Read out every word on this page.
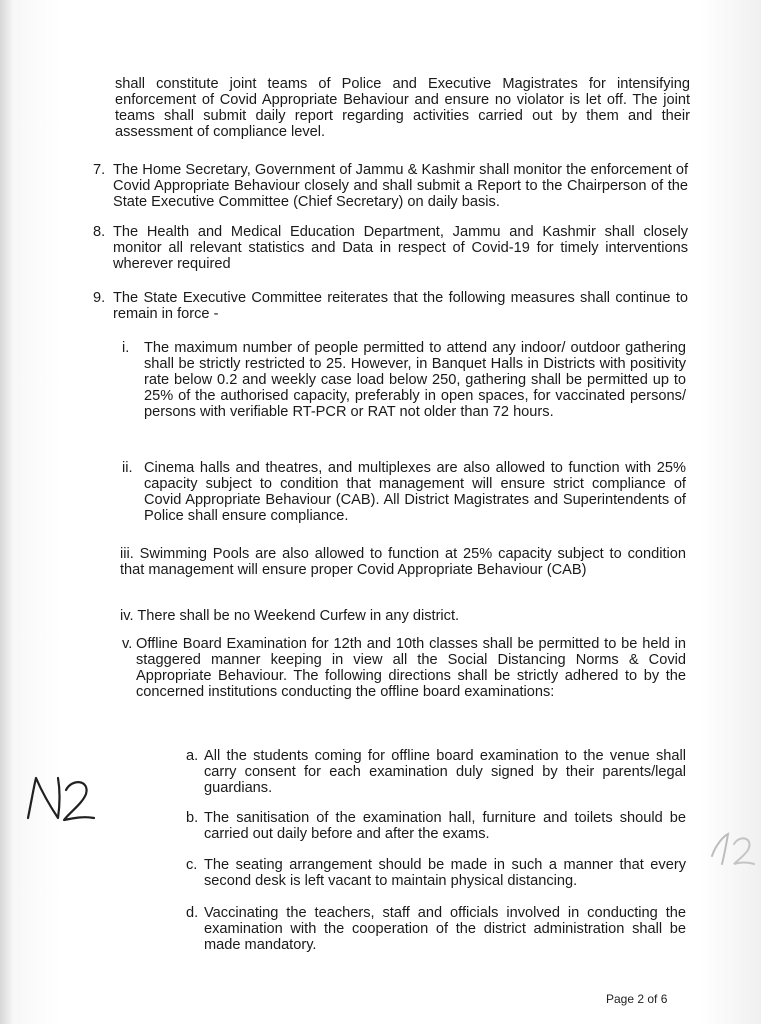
shall constitute joint teams of Police and Executive Magistrates for intensifying enforcement of Covid Appropriate Behaviour and ensure no violator is let off. The joint teams shall submit daily report regarding activities carried out by them and their assessment of compliance level.

7. The Home Secretary, Government of Jammu & Kashmir shall monitor the enforcement of Covid Appropriate Behaviour closely and shall submit a Report to the Chairperson of the State Executive Committee (Chief Secretary) on daily basis.

8. The Health and Medical Education Department, Jammu and Kashmir shall closely monitor all relevant statistics and Data in respect of Covid-19 for timely interventions wherever required

9. The State Executive Committee reiterates that the following measures shall continue to remain in force -

i. The maximum number of people permitted to attend any indoor/ outdoor gathering shall be strictly restricted to 25. However, in Banquet Halls in Districts with positivity rate below 0.2 and weekly case load below 250, gathering shall be permitted up to 25% of the authorised capacity, preferably in open spaces, for vaccinated persons/ persons with verifiable RT-PCR or RAT not older than 72 hours.

ii. Cinema halls and theatres, and multiplexes are also allowed to function with 25% capacity subject to condition that management will ensure strict compliance of Covid Appropriate Behaviour (CAB). All District Magistrates and Superintendents of Police shall ensure compliance.

iii. Swimming Pools are also allowed to function at 25% capacity subject to condition that management will ensure proper Covid Appropriate Behaviour (CAB)

iv. There shall be no Weekend Curfew in any district.

v. Offline Board Examination for 12th and 10th classes shall be permitted to be held in staggered manner keeping in view all the Social Distancing Norms & Covid Appropriate Behaviour. The following directions shall be strictly adhered to by the concerned institutions conducting the offline board examinations:

a. All the students coming for offline board examination to the venue shall carry consent for each examination duly signed by their parents/legal guardians.

b. The sanitisation of the examination hall, furniture and toilets should be carried out daily before and after the exams.

c. The seating arrangement should be made in such a manner that every second desk is left vacant to maintain physical distancing.

d. Vaccinating the teachers, staff and officials involved in conducting the examination with the cooperation of the district administration shall be made mandatory.

Page 2 of 6
